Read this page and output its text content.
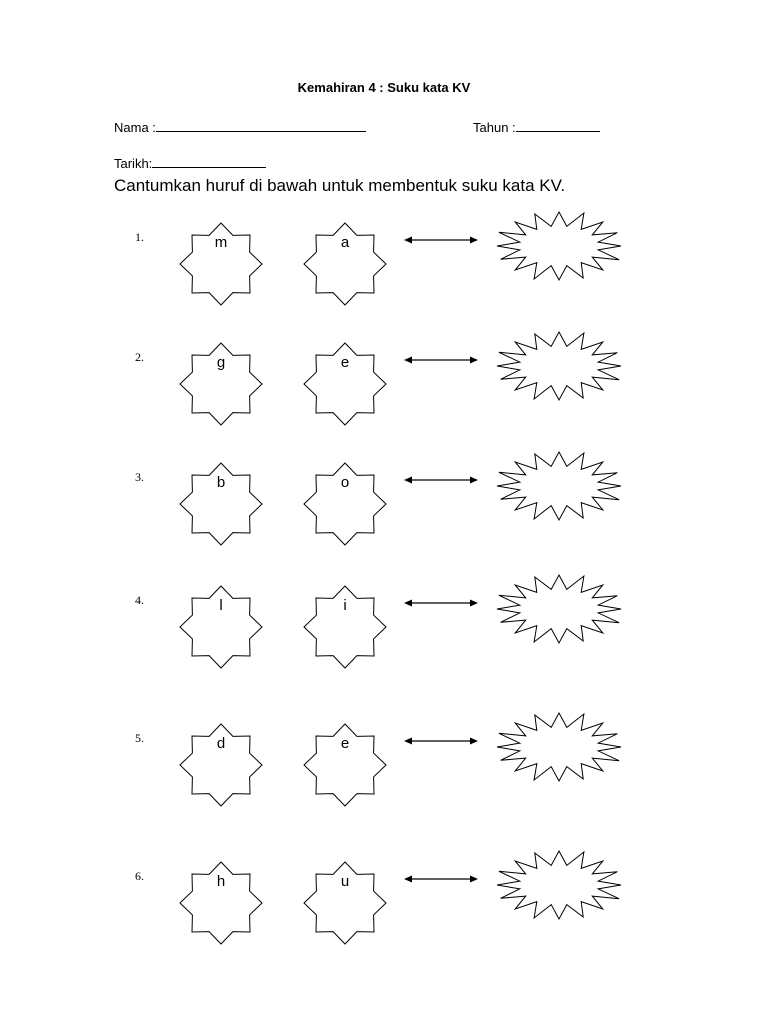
Kemahiran 4 : Suku kata KV
Nama :	Tahun :
Tarikh:
Cantumkan huruf di bawah untuk membentuk suku kata KV.
1.	m	a
2.	g	e
3.	b	o
4.	l	i
5.	d	e
6.	h	u
